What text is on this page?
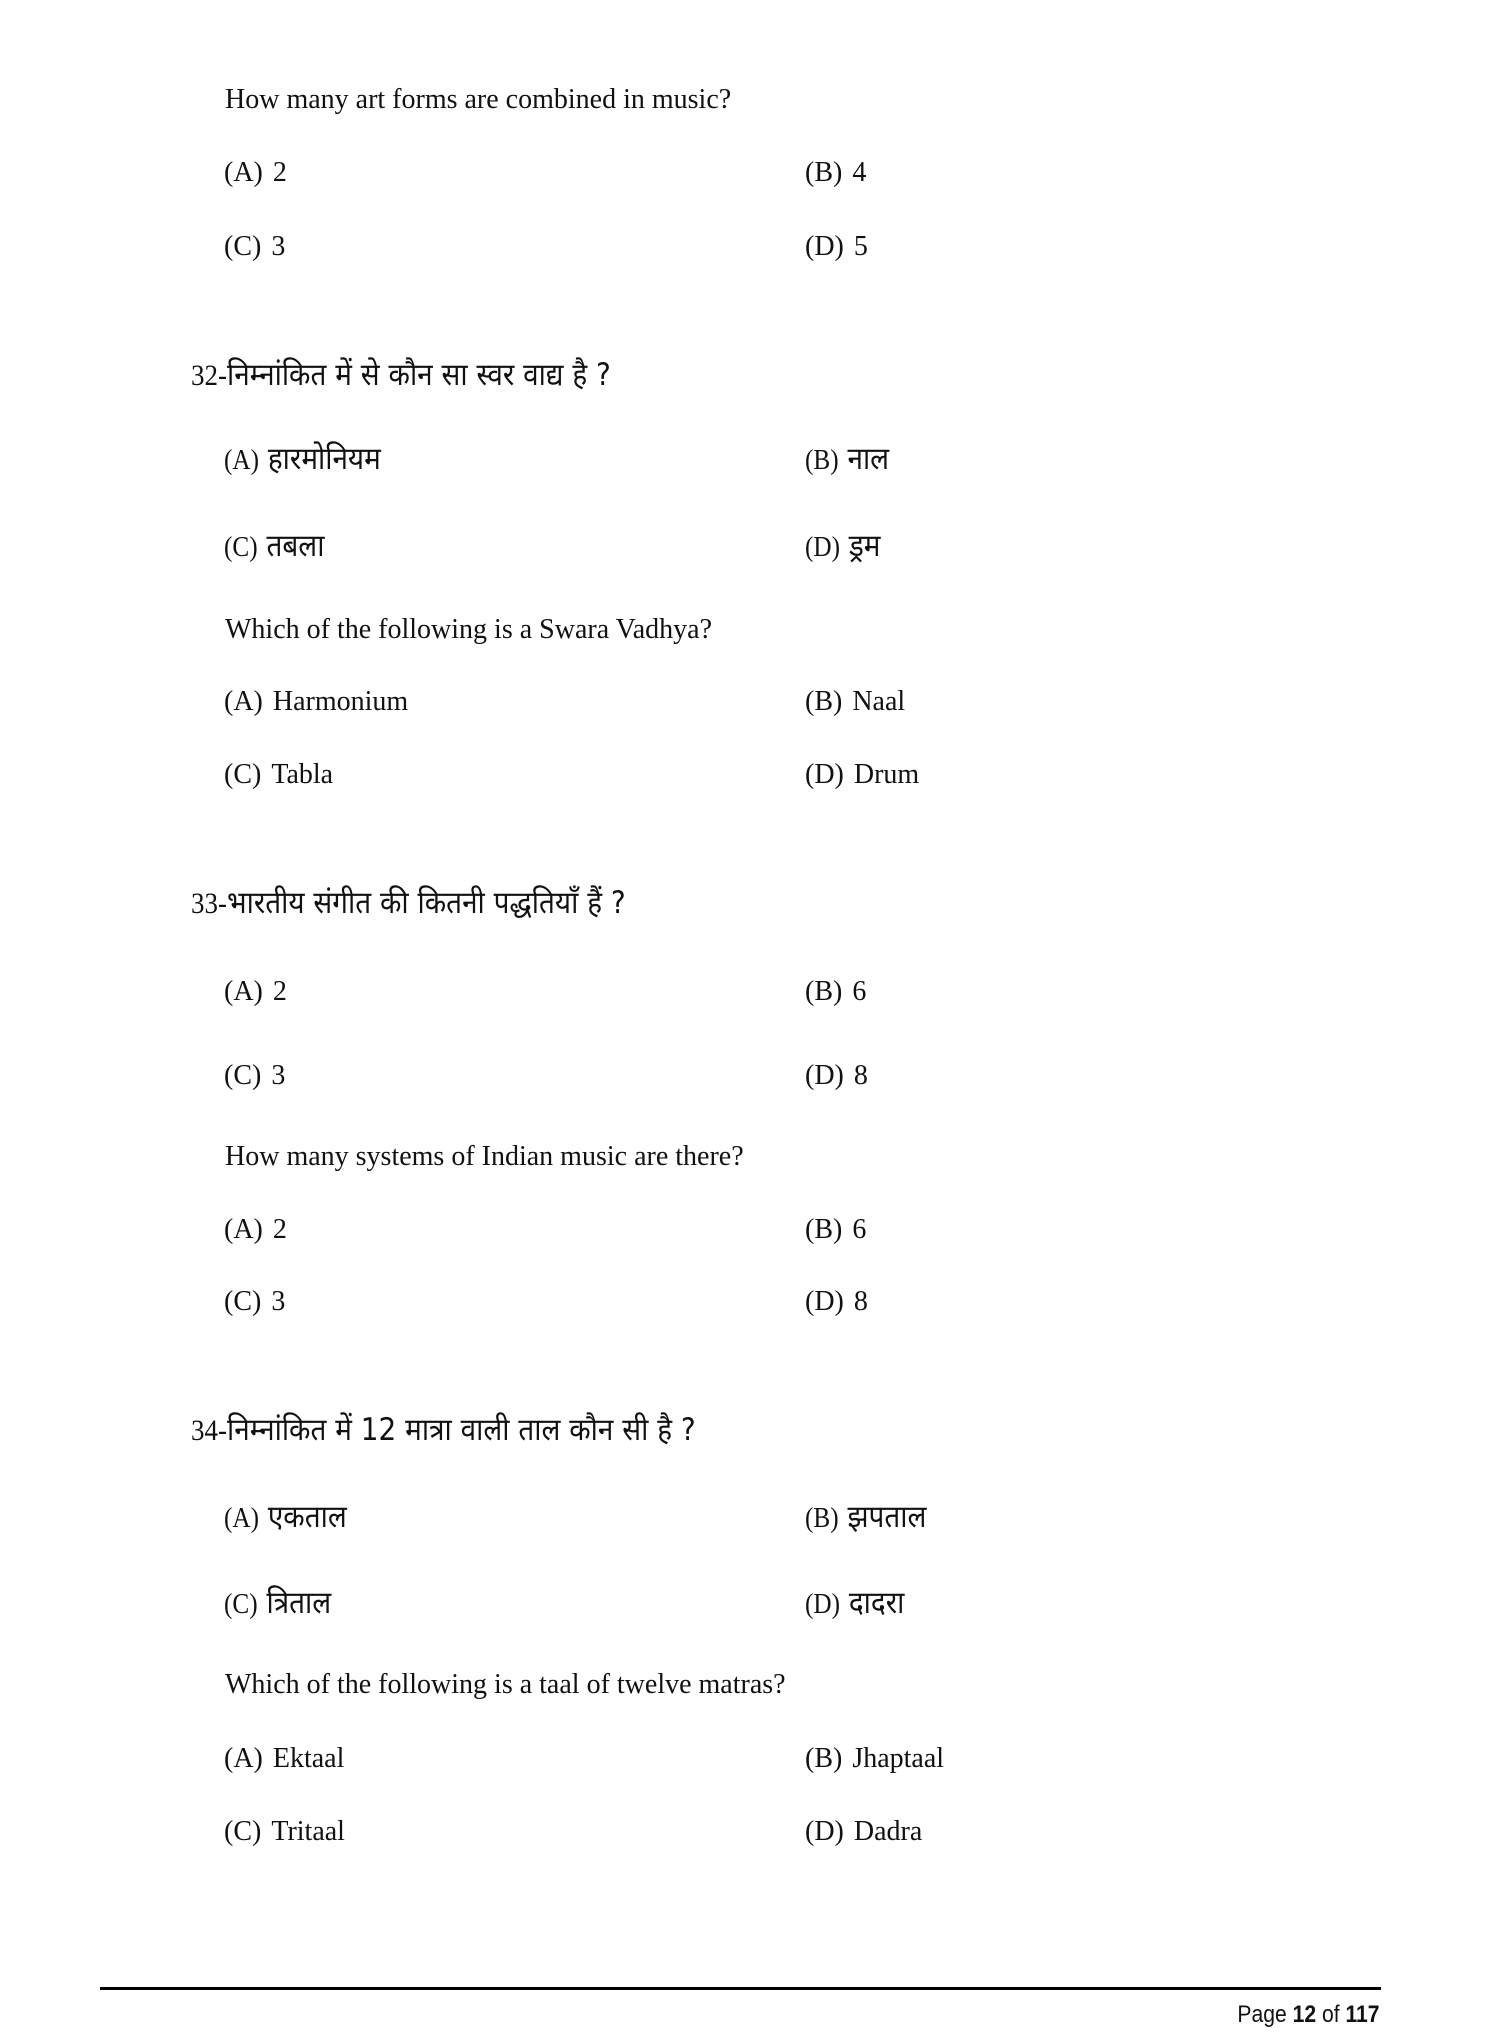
How many art forms are combined in music?
(A) 2	(B) 4
(C) 3	(D) 5
32-निम्नांकित में से कौन सा स्वर वाद्य है ?
(A) हारमोनियम	(B) नाल
(C) तबला	(D) ड्रम
Which of the following is a Swara Vadhya?
(A) Harmonium	(B) Naal
(C) Tabla	(D) Drum
33-भारतीय संगीत की कितनी पद्धतियाँ हैं ?
(A) 2	(B) 6
(C) 3	(D) 8
How many systems of Indian music are there?
(A) 2	(B) 6
(C) 3	(D) 8
34-निम्नांकित में 12 मात्रा वाली ताल कौन सी है ?
(A) एकताल	(B) झपताल
(C) त्रिताल	(D) दादरा
Which of the following is a taal of twelve matras?
(A) Ektaal	(B) Jhaptaal
(C) Tritaal	(D) Dadra
Page 12 of 117
